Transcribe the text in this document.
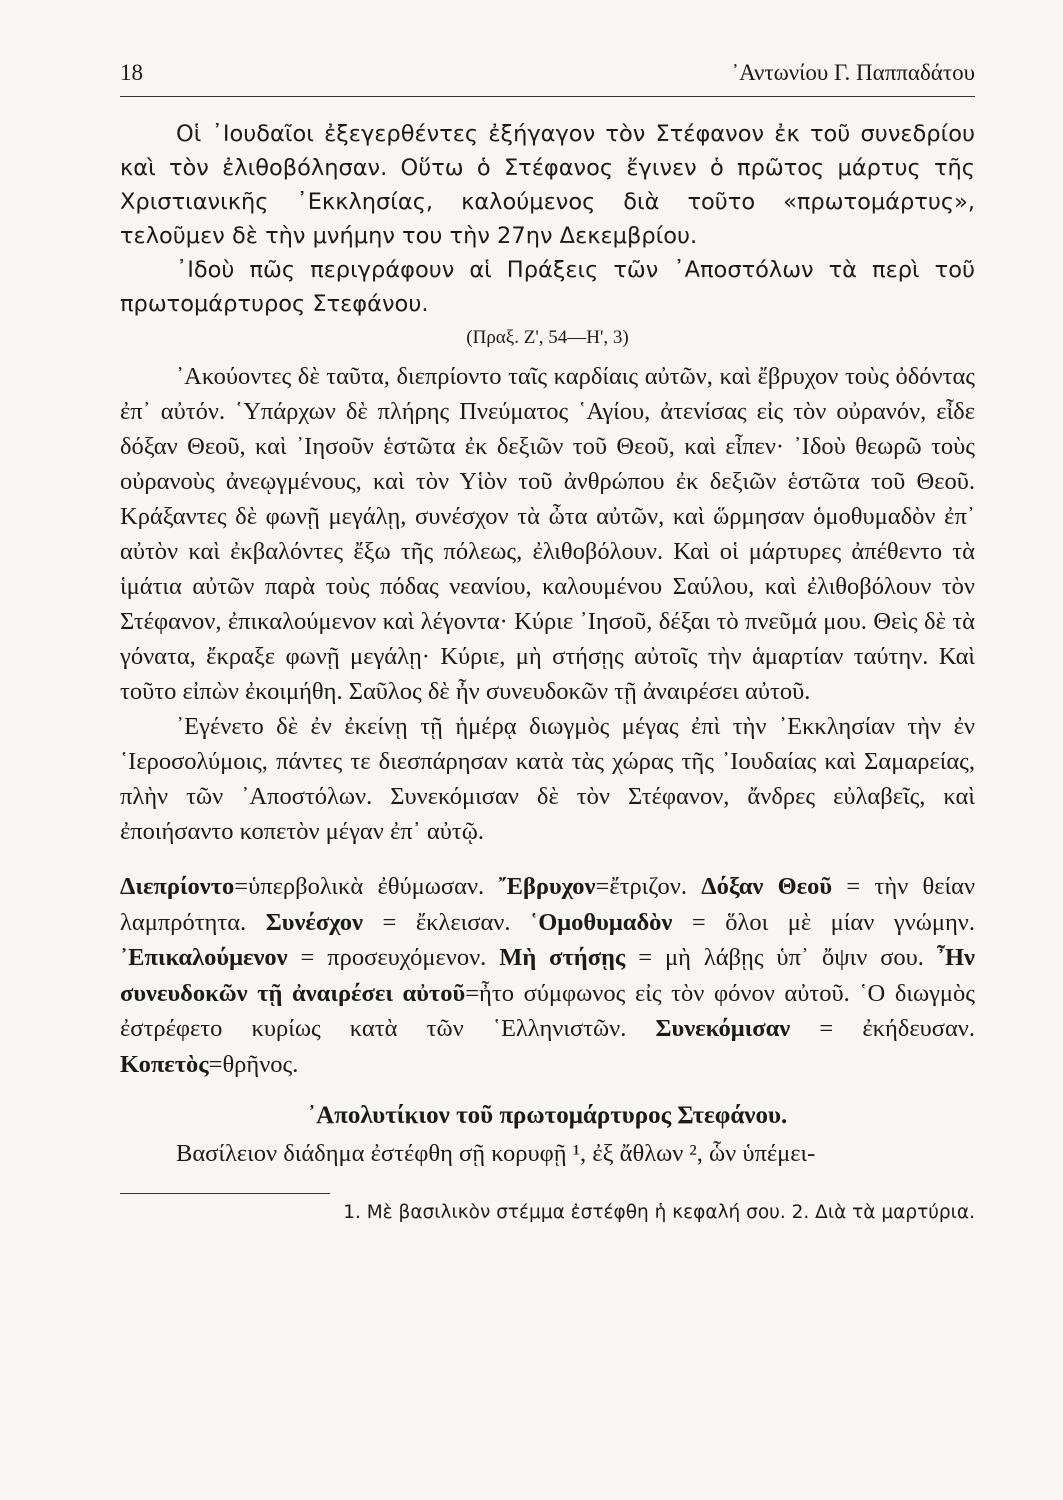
18	᾿Αντωνίου Γ. Παππαδάτου

Οἱ ᾿Ιουδαῖοι ἐξεγερθέντες ἐξήγαγον τὸν Στέφανον ἐκ τοῦ συνεδρίου καὶ τὸν ἐλιθοβόλησαν. Οὕτω ὁ Στέφανος ἔγινεν ὁ πρῶτος μάρτυς τῆς Χριστιανικῆς ᾿Εκκλησίας, καλούμενος διὰ τοῦτο «πρωτομάρτυς», τελοῦμεν δὲ τὴν μνήμην του τὴν 27ην Δεκεμβρίου.

᾿Ιδοὺ πῶς περιγράφουν αἱ Πράξεις τῶν ᾿Αποστόλων τὰ περὶ τοῦ πρωτομάρτυρος Στεφάνου.

(Πραξ. Ζ', 54—Η', 3)

᾿Ακούοντες δὲ ταῦτα, διεπρίοντο ταῖς καρδίαις αὐτῶν, καὶ ἔβρυχον τοὺς ὀδόντας ἐπ᾿ αὐτόν. ῾Υπάρχων δὲ πλήρης Πνεύματος ῾Αγίου, ἀτενίσας εἰς τὸν οὐρανόν, εἶδε δόξαν Θεοῦ, καὶ ᾿Ιησοῦν ἑστῶτα ἐκ δεξιῶν τοῦ Θεοῦ, καὶ εἶπεν· ᾿Ιδοὺ θεωρῶ τοὺς οὐρανοὺς ἀνεῳγμένους, καὶ τὸν Υἱὸν τοῦ ἀνθρώπου ἐκ δεξιῶν ἑστῶτα τοῦ Θεοῦ. Κράξαντες δὲ φωνῇ μεγάλῃ, συνέσχον τὰ ὦτα αὐτῶν, καὶ ὥρμησαν ὁμοθυμαδὸν ἐπ᾿ αὐτὸν καὶ ἐκβαλόντες ἔξω τῆς πόλεως, ἐλιθοβόλουν. Καὶ οἱ μάρτυρες ἀπέθεντο τὰ ἱμάτια αὐτῶν παρὰ τοὺς πόδας νεανίου, καλουμένου Σαύλου, καὶ ἐλιθοβόλουν τὸν Στέφανον, ἐπικαλούμενον καὶ λέγοντα· Κύριε ᾿Ιησοῦ, δέξαι τὸ πνεῦμά μου. Θεὶς δὲ τὰ γόνατα, ἔκραξε φωνῇ μεγάλῃ· Κύριε, μὴ στήσῃς αὐτοῖς τὴν ἁμαρτίαν ταύτην. Καὶ τοῦτο εἰπὼν ἐκοιμήθη. Σαῦλος δὲ ἦν συνευδοκῶν τῇ ἀναιρέσει αὐτοῦ.

᾿Εγένετο δὲ ἐν ἐκείνῃ τῇ ἡμέρᾳ διωγμὸς μέγας ἐπὶ τὴν ᾿Εκκλησίαν τὴν ἐν ῾Ιεροσολύμοις, πάντες τε διεσπάρησαν κατὰ τὰς χώρας τῆς ᾿Ιουδαίας καὶ Σαμαρείας, πλὴν τῶν ᾿Αποστόλων. Συνεκόμισαν δὲ τὸν Στέφανον, ἄνδρες εὐλαβεῖς, καὶ ἐποιήσαντο κοπετὸν μέγαν ἐπ᾿ αὐτῷ.

Διεπρίοντο=ὑπερβολικὰ ἐθύμωσαν. ῎Εβρυχον=ἔτριζον. Δόξαν Θεοῦ = τὴν θείαν λαμπρότητα. Συνέσχον = ἔκλεισαν. ῾Ομοθυμαδὸν = ὅλοι μὲ μίαν γνώμην. ᾿Επικαλούμενον = προσευχόμενον. Μὴ στήσῃς = μὴ λάβῃς ὑπ᾿ ὄψιν σου. ῏Ην συνευδοκῶν τῇ ἀναιρέσει αὐτοῦ=ἦτο σύμφωνος εἰς τὸν φόνον αὐτοῦ. ῾Ο διωγμὸς ἐστρέφετο κυρίως κατὰ τῶν ῾Ελληνιστῶν. Συνεκόμισαν = ἐκήδευσαν. Κοπετὸς=θρῆνος.

᾿Απολυτίκιον τοῦ πρωτομάρτυρος Στεφάνου.

Βασίλειον διάδημα ἐστέφθη σῇ κορυφῇ ¹, ἐξ ἄθλων ², ὧν ὑπέμει-

1. Μὲ βασιλικὸν στέμμα ἐστέφθη ἡ κεφαλή σου. 2. Διὰ τὰ μαρτύρια.
